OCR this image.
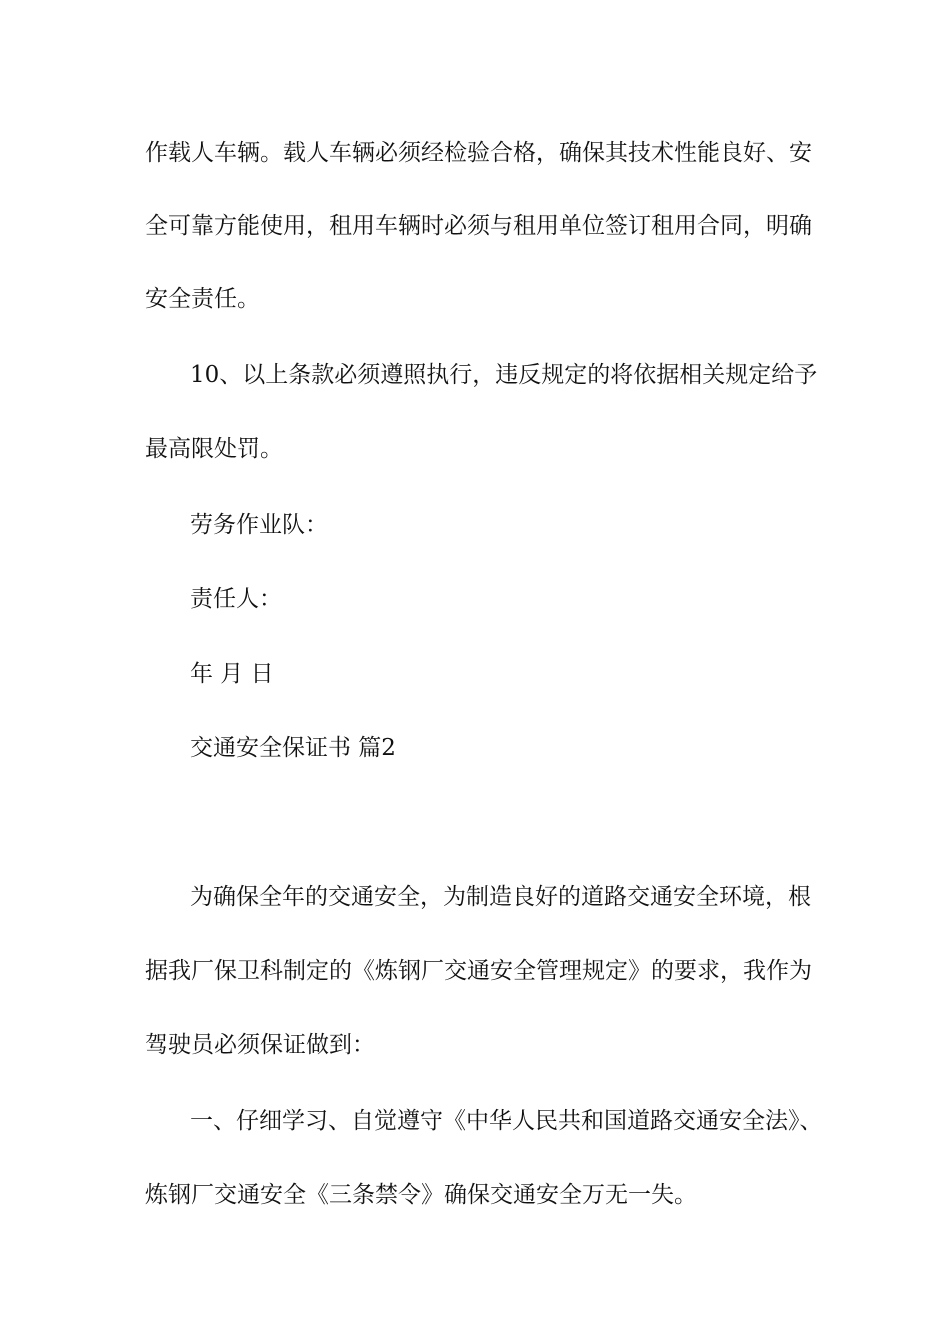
作载人车辆。载人车辆必须经检验合格，确保其技术性能良好、安
全可靠方能使用，租用车辆时必须与租用单位签订租用合同，明确
安全责任。
10、以上条款必须遵照执行，违反规定的将依据相关规定给予
最高限处罚。
劳务作业队：
责任人：
年 月 日
交通安全保证书 篇2
为确保全年的交通安全，为制造良好的道路交通安全环境，根
据我厂保卫科制定的《炼钢厂交通安全管理规定》的要求，我作为
驾驶员必须保证做到：
一、仔细学习、自觉遵守《中华人民共和国道路交通安全法》、
炼钢厂交通安全《三条禁令》确保交通安全万无一失。
